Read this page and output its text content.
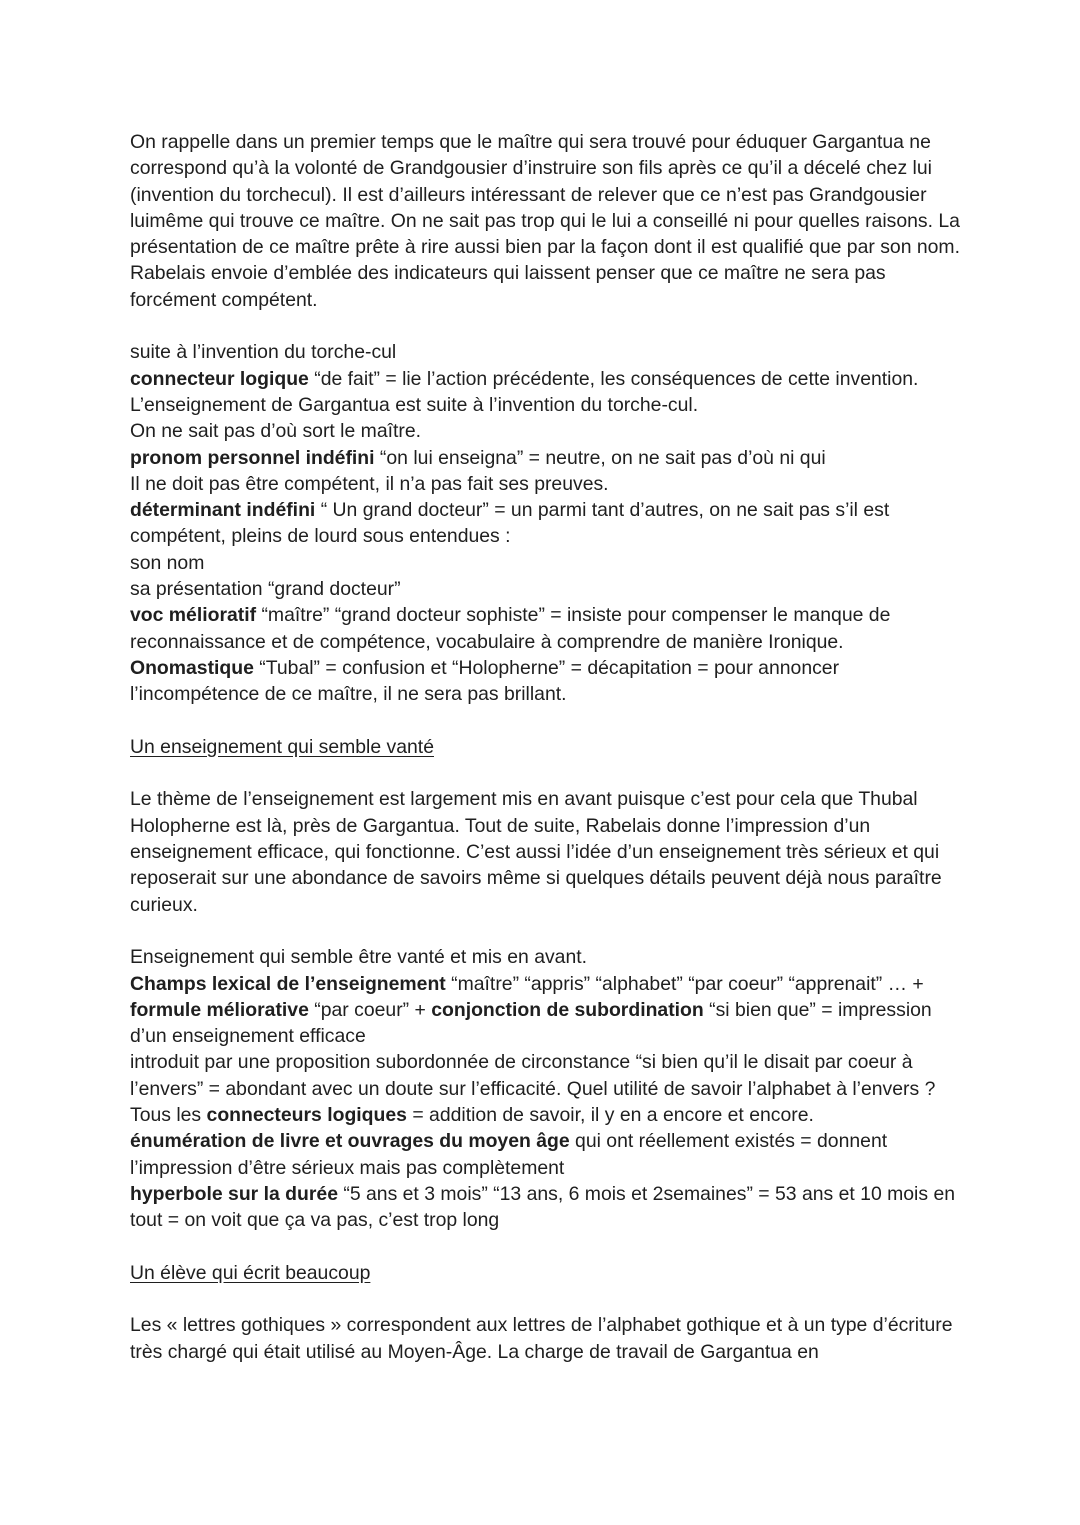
On rappelle dans un premier temps que le maître qui sera trouvé pour éduquer Gargantua ne correspond qu’à la volonté de Grandgousier d’instruire son fils après ce qu’il a décelé chez lui (invention du torchecul). Il est d’ailleurs intéressant de relever que ce n’est pas Grandgousier luimême qui trouve ce maître. On ne sait pas trop qui le lui a conseillé ni pour quelles raisons. La présentation de ce maître prête à rire aussi bien par la façon dont il est qualifié que par son nom. Rabelais envoie d’emblée des indicateurs qui laissent penser que ce maître ne sera pas forcément compétent.

suite à l’invention du torche-cul

connecteur logique “de fait” = lie l’action précédente, les conséquences de cette invention.

L’enseignement de Gargantua est suite à l’invention du torche-cul.

On ne sait pas d’où sort le maître.

pronom personnel indéfini “on lui enseigna” = neutre, on ne sait pas d’où ni qui

Il ne doit pas être compétent, il n’a pas fait ses preuves.

déterminant indéfini “ Un grand docteur” = un parmi tant d’autres, on ne sait pas s’il est compétent, pleins de lourd sous entendues :

son nom

sa présentation “grand docteur”

voc mélioratif “maître” “grand docteur sophiste” = insiste pour compenser le manque de reconnaissance et de compétence, vocabulaire à comprendre de manière Ironique.

Onomastique “Tubal” = confusion et “Holopherne” = décapitation = pour annoncer l’incompétence de ce maître, il ne sera pas brillant.

Un enseignement qui semble vanté

Le thème de l’enseignement est largement mis en avant puisque c’est pour cela que Thubal Holopherne est là, près de Gargantua. Tout de suite, Rabelais donne l’impression d’un enseignement efficace, qui fonctionne. C’est aussi l’idée d’un enseignement très sérieux et qui reposerait sur une abondance de savoirs même si quelques détails peuvent déjà nous paraître curieux.

Enseignement qui semble être vanté et mis en avant.

Champs lexical de l’enseignement “maître” “appris” “alphabet” “par coeur” “apprenait” … + formule méliorative “par coeur” + conjonction de subordination “si bien que” = impression d’un enseignement efficace

introduit par une proposition subordonnée de circonstance “si bien qu’il le disait par coeur à l’envers” = abondant avec un doute sur l’efficacité. Quel utilité de savoir l’alphabet à l’envers ?

Tous les connecteurs logiques = addition de savoir, il y en a encore et encore.

énumération de livre et ouvrages du moyen âge qui ont réellement existés = donnent l’impression d’être sérieux mais pas complètement

hyperbole sur la durée “5 ans et 3 mois” “13 ans, 6 mois et 2semaines” = 53 ans et 10 mois en tout = on voit que ça va pas, c’est trop long

Un élève qui écrit beaucoup

Les « lettres gothiques » correspondent aux lettres de l’alphabet gothique et à un type d’écriture très chargé qui était utilisé au Moyen-Âge. La charge de travail de Gargantua en
